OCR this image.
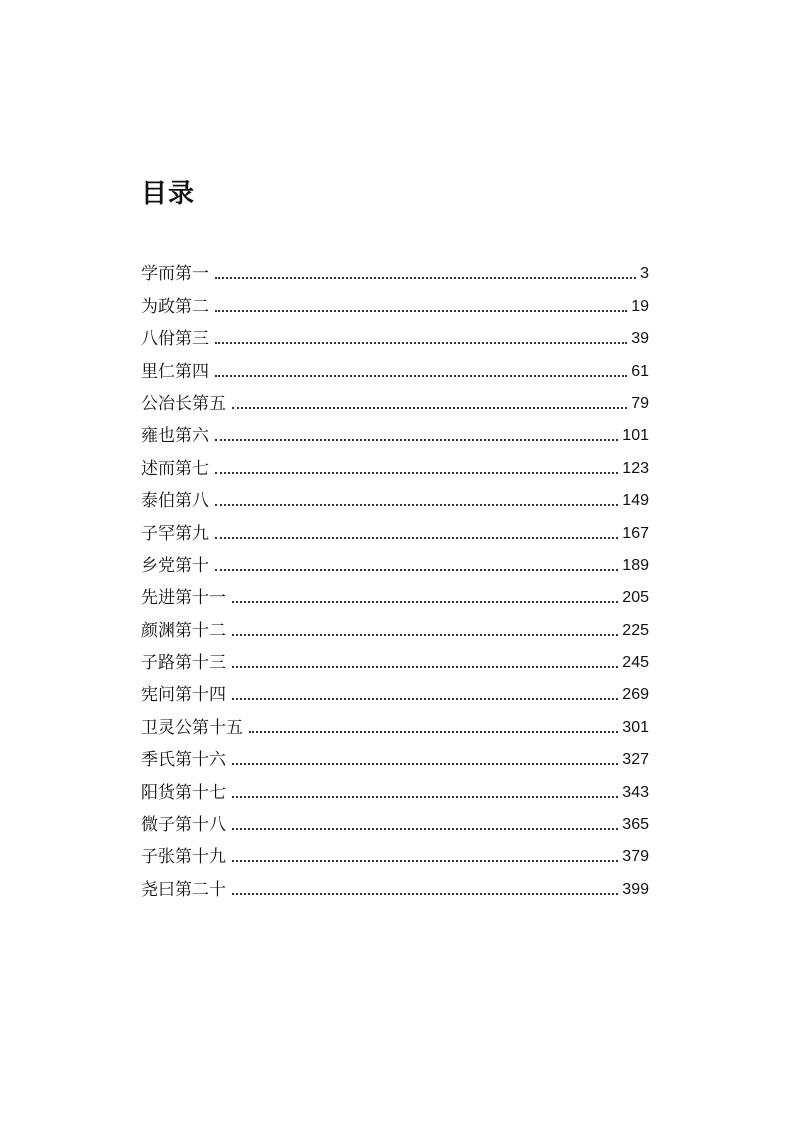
目录
学而第一	3
为政第二	19
八佾第三	39
里仁第四	61
公冶长第五	79
雍也第六	101
述而第七	123
泰伯第八	149
子罕第九	167
乡党第十	189
先进第十一	205
颜渊第十二	225
子路第十三	245
宪问第十四	269
卫灵公第十五	301
季氏第十六	327
阳货第十七	343
微子第十八	365
子张第十九	379
尧曰第二十	399
